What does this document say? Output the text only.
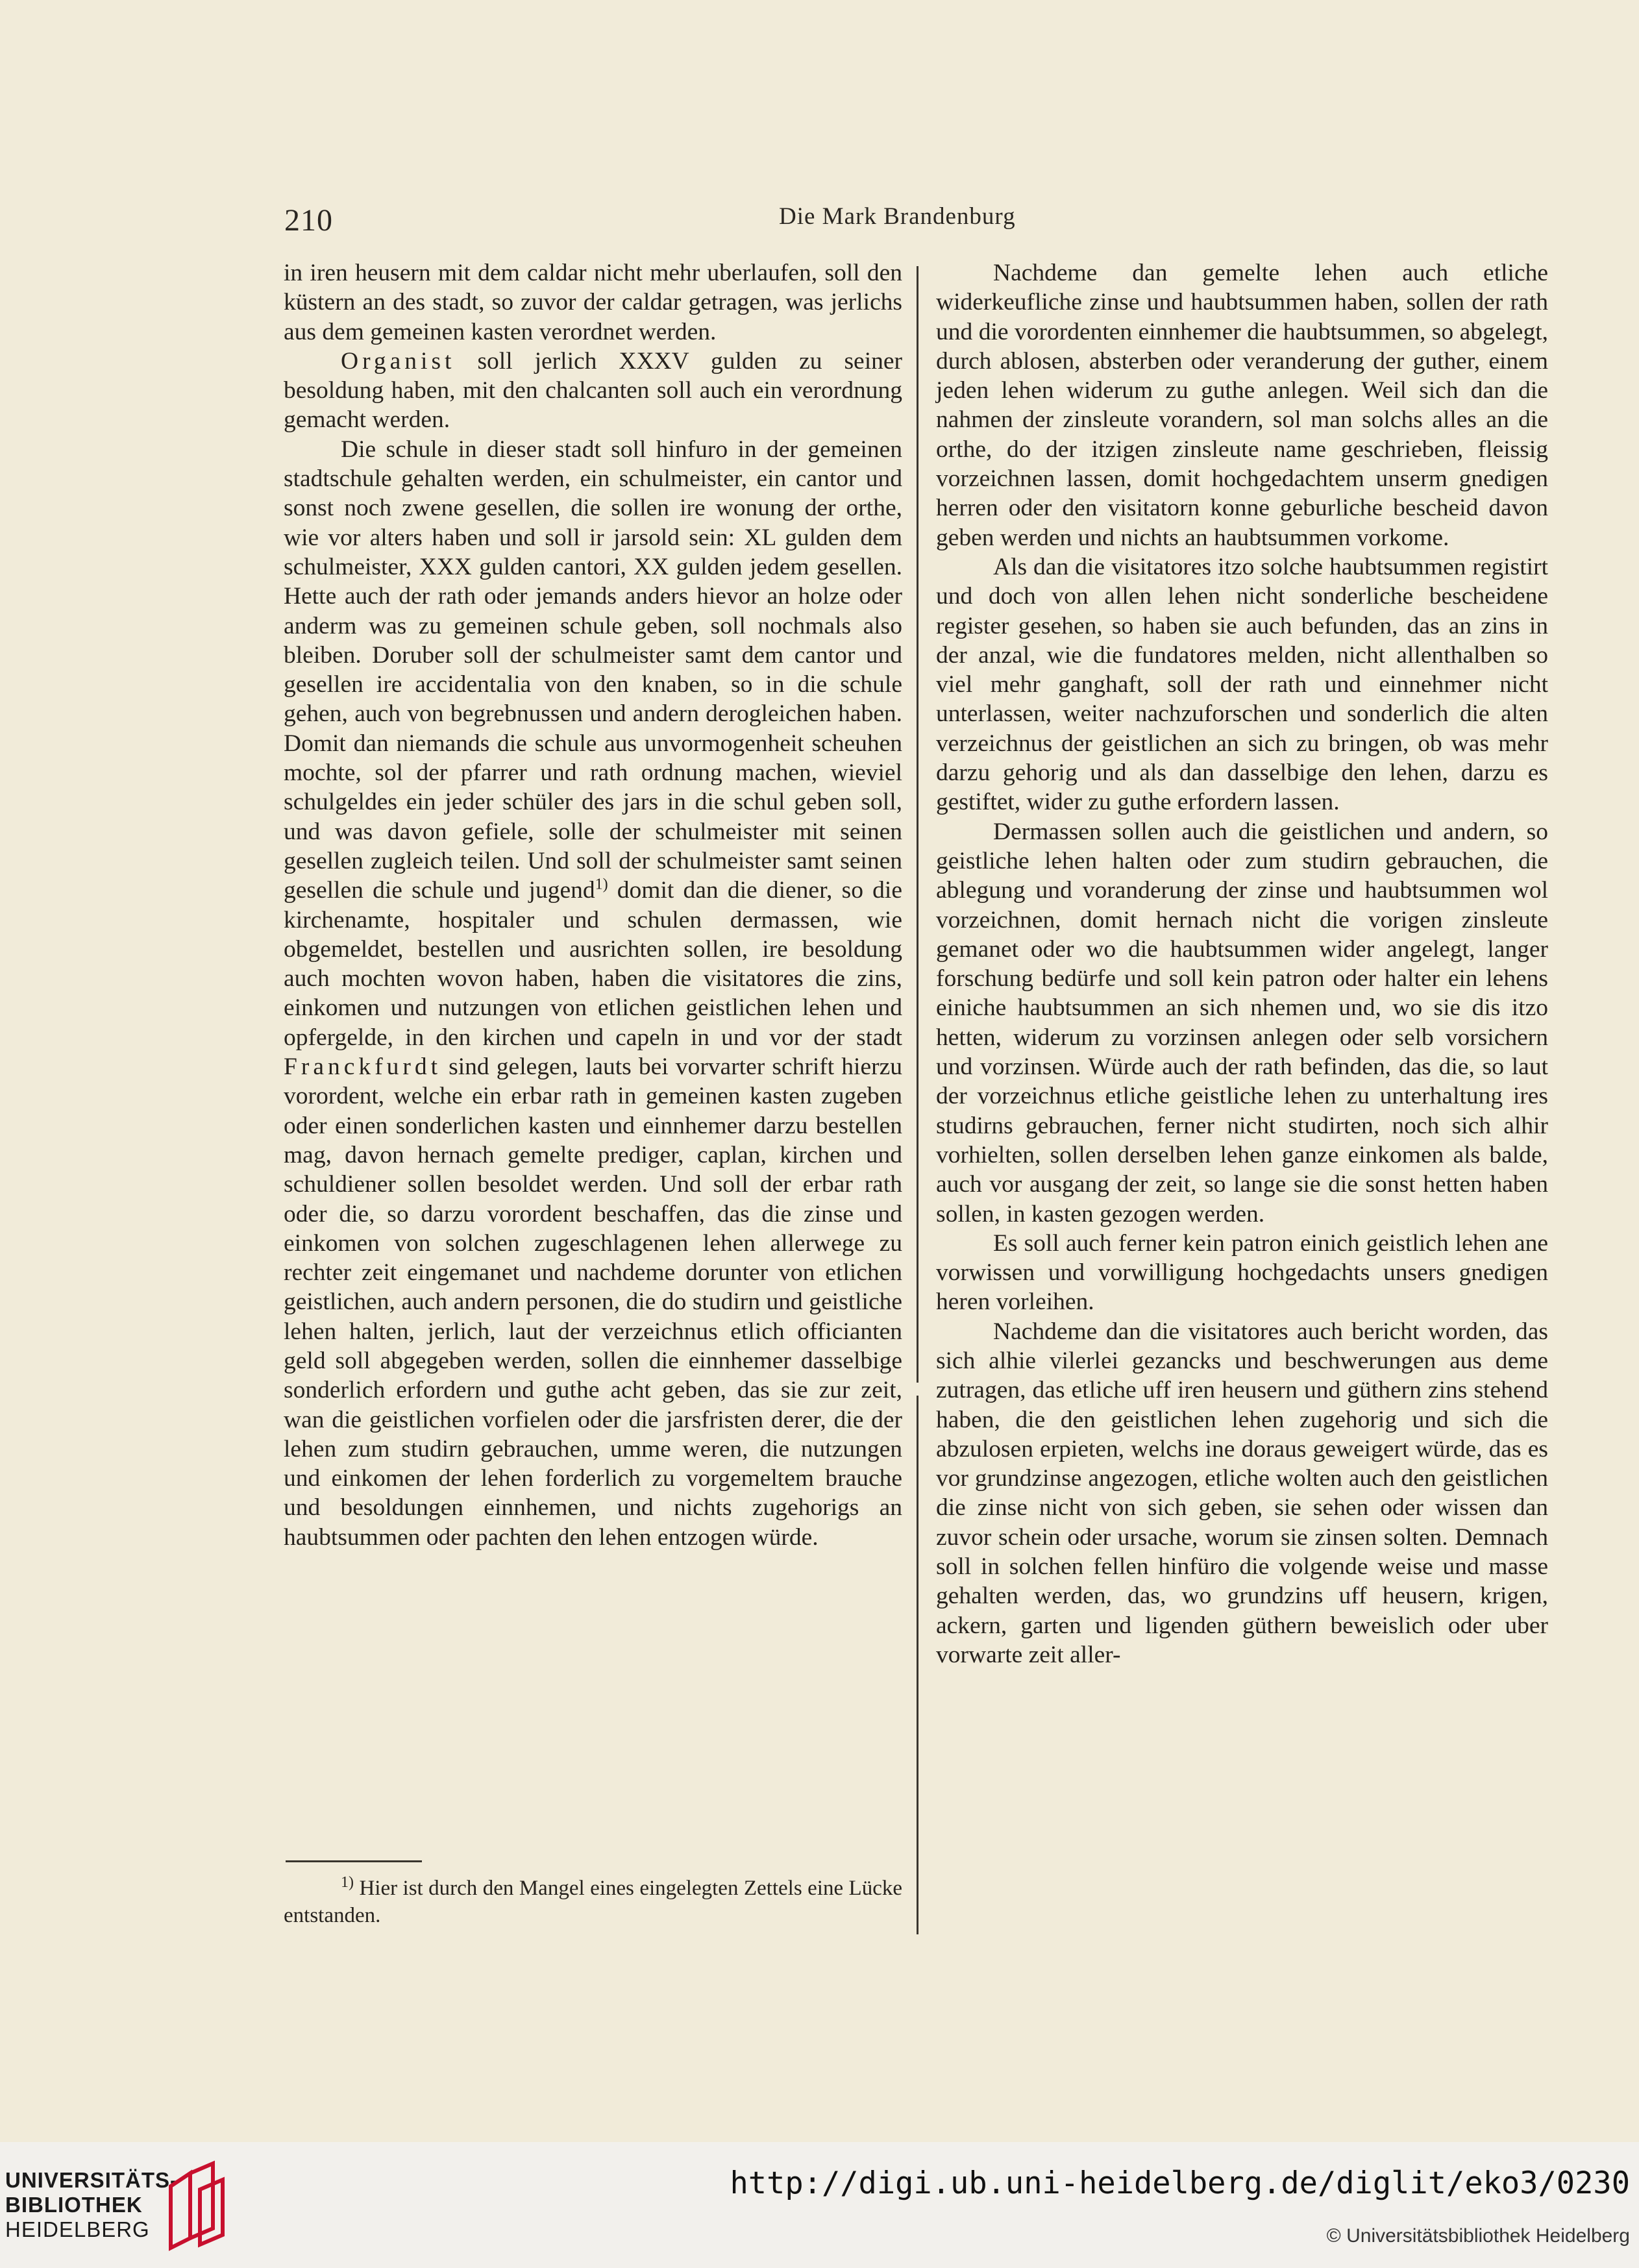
210	Die Mark Brandenburg

in iren heusern mit dem caldar nicht mehr uberlaufen, soll den küstern an des stadt, so zuvor der caldar getragen, was jerlichs aus dem gemeinen kasten verordnet werden.

Organist soll jerlich XXXV gulden zu seiner besoldung haben, mit den chalcanten soll auch ein verordnung gemacht werden.

Die schule in dieser stadt soll hinfuro in der gemeinen stadtschule gehalten werden, ein schulmeister, ein cantor und sonst noch zwene gesellen, die sollen ire wonung der orthe, wie vor alters haben und soll ir jarsold sein: XL gulden dem schulmeister, XXX gulden cantori, XX gulden jedem gesellen. Hette auch der rath oder jemands anders hievor an holze oder anderm was zu gemeinen schule geben, soll nochmals also bleiben. Doruber soll der schulmeister samt dem cantor und gesellen ire accidentalia von den knaben, so in die schule gehen, auch von begrebnussen und andern derogleichen haben. Domit dan niemands die schule aus unvormogenheit scheuhen mochte, sol der pfarrer und rath ordnung machen, wieviel schulgeldes ein jeder schüler des jars in die schul geben soll, und was davon gefiele, solle der schulmeister mit seinen gesellen zugleich teilen. Und soll der schulmeister samt seinen gesellen die schule und jugend$^{1)}$ domit dan die diener, so die kirchenamte, hospitaler und schulen dermassen, wie obgemeldet, bestellen und ausrichten sollen, ire besoldung auch mochten wovon haben, haben die visitatores die zins, einkomen und nutzungen von etlichen geistlichen lehen und opfergelde, in den kirchen und capeln in und vor der stadt Franckfurdt sind gelegen, lauts bei vorvarter schrift hierzu vorordent, welche ein erbar rath in gemeinen kasten zugeben oder einen sonderlichen kasten und einnhemer darzu bestellen mag, davon hernach gemelte prediger, caplan, kirchen und schuldiener sollen besoldet werden. Und soll der erbar rath oder die, so darzu vorordent beschaffen, das die zinse und einkomen von solchen zugeschlagenen lehen allerwege zu rechter zeit eingemanet und nachdeme dorunter von etlichen geistlichen, auch andern personen, die do studirn und geistliche lehen halten, jerlich, laut der verzeichnus etlich officianten geld soll abgegeben werden, sollen die einnhemer dasselbige sonderlich erfordern und guthe acht geben, das sie zur zeit, wan die geistlichen vorfielen oder die jarsfristen derer, die der lehen zum studirn gebrauchen, umme weren, die nutzungen und einkomen der lehen forderlich zu vorgemeltem brauche und besoldungen einnhemen, und nichts zugehorigs an haubtsummen oder pachten den lehen entzogen würde.

Nachdeme dan gemelte lehen auch etliche widerkeufliche zinse und haubtsummen haben, sollen der rath und die vorordenten einnhemer die haubtsummen, so abgelegt, durch ablosen, absterben oder veranderung der guther, einem jeden lehen widerum zu guthe anlegen. Weil sich dan die nahmen der zinsleute vorandern, sol man solchs alles an die orthe, do der itzigen zinsleute name geschrieben, fleissig vorzeichnen lassen, domit hochgedachtem unserm gnedigen herren oder den visitatorn konne geburliche bescheid davon geben werden und nichts an haubtsummen vorkome.

Als dan die visitatores itzo solche haubtsummen registirt und doch von allen lehen nicht sonderliche bescheidene register gesehen, so haben sie auch befunden, das an zins in der anzal, wie die fundatores melden, nicht allenthalben so viel mehr ganghaft, soll der rath und einnehmer nicht unterlassen, weiter nachzuforschen und sonderlich die alten verzeichnus der geistlichen an sich zu bringen, ob was mehr darzu gehorig und als dan dasselbige den lehen, darzu es gestiftet, wider zu guthe erfordern lassen.

Dermassen sollen auch die geistlichen und andern, so geistliche lehen halten oder zum studirn gebrauchen, die ablegung und voranderung der zinse und haubtsummen wol vorzeichnen, domit hernach nicht die vorigen zinsleute gemanet oder wo die haubtsummen wider angelegt, langer forschung bedürfe und soll kein patron oder halter ein lehens einiche haubtsummen an sich nhemen und, wo sie dis itzo hetten, widerum zu vorzinsen anlegen oder selb vorsichern und vorzinsen. Würde auch der rath befinden, das die, so laut der vorzeichnus etliche geistliche lehen zu unterhaltung ires studirns gebrauchen, ferner nicht studirten, noch sich alhir vorhielten, sollen derselben lehen ganze einkomen als balde, auch vor ausgang der zeit, so lange sie die sonst hetten haben sollen, in kasten gezogen werden.

Es soll auch ferner kein patron einich geistlich lehen ane vorwissen und vorwilligung hochgedachts unsers gnedigen heren vorleihen.

Nachdeme dan die visitatores auch bericht worden, das sich alhie vilerlei gezancks und beschwerungen aus deme zutragen, das etliche uff iren heusern und güthern zins stehend haben, die den geistlichen lehen zugehorig und sich die abzulosen erpieten, welchs ine doraus geweigert würde, das es vor grundzinse angezogen, etliche wolten auch den geistlichen die zinse nicht von sich geben, sie sehen oder wissen dan zuvor schein oder ursache, worum sie zinsen solten. Demnach soll in solchen fellen hinfüro die volgende weise und masse gehalten werden, das, wo grundzins uff heusern, krigen, ackern, garten und ligenden güthern beweislich oder uber vorwarte zeit aller-

$^{1)}$ Hier ist durch den Mangel eines eingelegten Zettels eine Lücke entstanden.

UNIVERSITÄTS-
BIBLIOTHEK
HEIDELBERG
http://digi.ub.uni-heidelberg.de/diglit/eko3/0230
© Universitätsbibliothek Heidelberg
